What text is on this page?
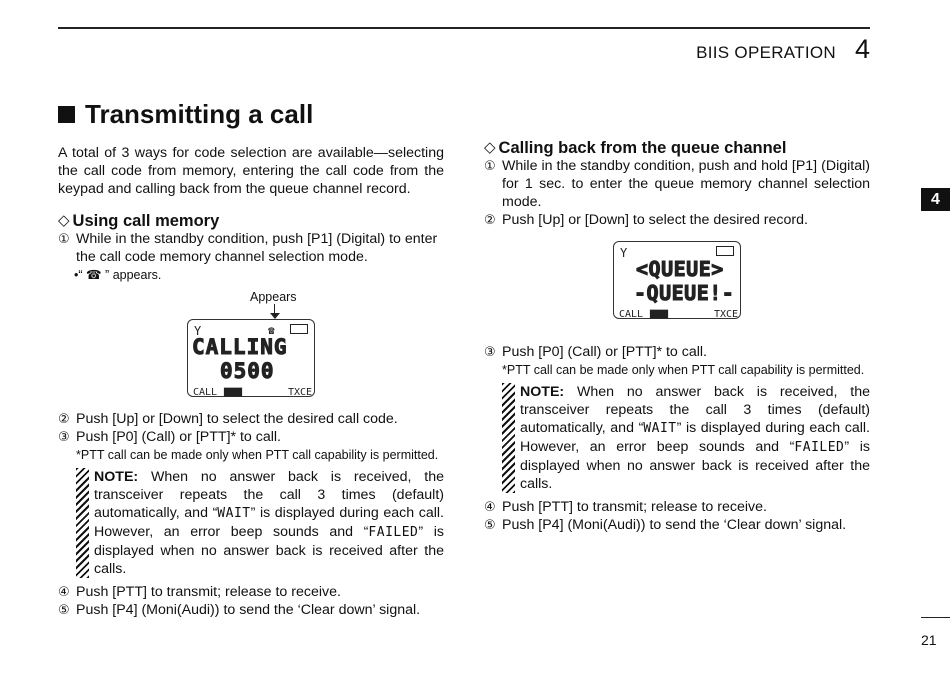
BIIS OPERATION 4
4
21
Transmitting a call

A total of 3 ways for code selection are available—selecting the call code from memory, entering the call code from the keypad and calling back from the queue channel record.

◇ Using call memory
① While in the standby condition, push [P1] (Digital) to enter the call code memory channel selection mode.
•“ ☎ ” appears.
Appears
Y	☎
CALLING
0500
CALL ▆▆▆	TXCE
② Push [Up] or [Down] to select the desired call code.
③ Push [P0] (Call) or [PTT]* to call.
*PTT call can be made only when PTT call capability is permitted.
NOTE: When no answer back is received, the transceiver repeats the call 3 times (default) automatically, and “WAIT” is displayed during each call. However, an error beep sounds and “FAILED” is displayed when no answer back is received after the calls.
④ Push [PTT] to transmit; release to receive.
⑤ Push [P4] (Moni(Audi)) to send the ‘Clear down’ signal.
◇ Calling back from the queue channel
① While in the standby condition, push and hold [P1] (Digital) for 1 sec. to enter the queue memory channel selection mode.
② Push [Up] or [Down] to select the desired record.
Y
<QUEUE>
-QUEUE!-
CALL ▆▆▆	TXCE
③ Push [P0] (Call) or [PTT]* to call.
*PTT call can be made only when PTT call capability is permitted.
NOTE: When no answer back is received, the transceiver repeats the call 3 times (default) automatically, and “WAIT” is displayed during each call. However, an error beep sounds and “FAILED” is displayed when no answer back is received after the calls.
④ Push [PTT] to transmit; release to receive.
⑤ Push [P4] (Moni(Audi)) to send the ‘Clear down’ signal.
